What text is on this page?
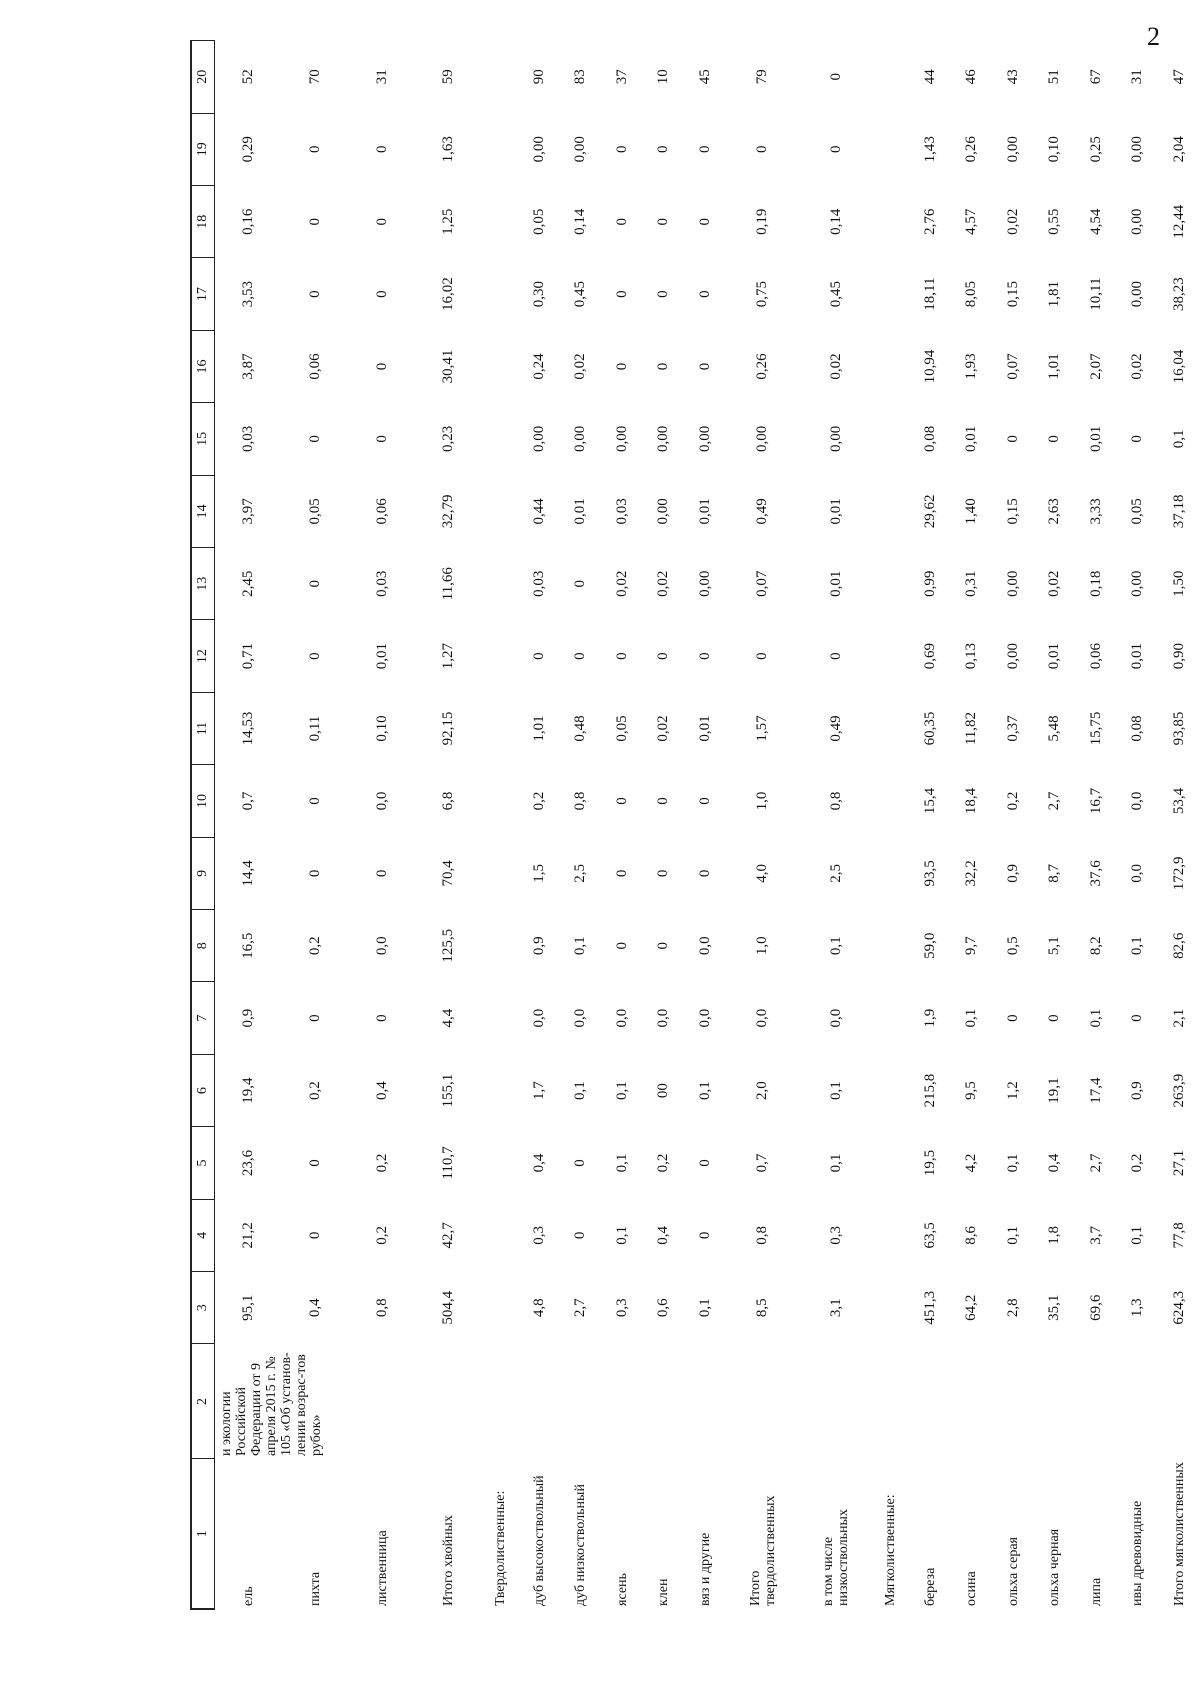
2
1	2	3	4	5	6	7	8	9	10	11	12	13	14	15	16	17	18	19	20
ель	и экологии Российской Федерации от 9 апреля 2015 г. № 105 «Об установ-лении возрас-тов рубок»	95,1	21,2	23,6	19,4	0,9	16,5	14,4	0,7	14,53	0,71	2,45	3,97	0,03	3,87	3,53	0,16	0,29	52
пихта		0,4	0	0	0,2	0	0,2	0	0	0,11	0	0	0,05	0	0,06	0	0	0	70
лиственница		0,8	0,2	0,2	0,4	0	0,0	0	0,0	0,10	0,01	0,03	0,06	0	0	0	0	0	31
Итого хвойных		504,4	42,7	110,7	155,1	4,4	125,5	70,4	6,8	92,15	1,27	11,66	32,79	0,23	30,41	16,02	1,25	1,63	59
Твердолиственные:																			
дуб высокоствольный		4,8	0,3	0,4	1,7	0,0	0,9	1,5	0,2	1,01	0	0,03	0,44	0,00	0,24	0,30	0,05	0,00	90
дуб низкоствольный		2,7	0	0	0,1	0,0	0,1	2,5	0,8	0,48	0	0	0,01	0,00	0,02	0,45	0,14	0,00	83
ясень		0,3	0,1	0,1	0,1	0,0	0	0	0	0,05	0	0,02	0,03	0,00	0	0	0	0	37
клен		0,6	0,4	0,2	00	0,0	0	0	0	0,02	0	0,02	0,00	0,00	0	0	0	0	10
вяз и другие		0,1	0	0	0,1	0,0	0,0	0	0	0,01	0	0,00	0,01	0,00	0	0	0	0	45
Итого твердолиственных		8,5	0,8	0,7	2,0	0,0	1,0	4,0	1,0	1,57	0	0,07	0,49	0,00	0,26	0,75	0,19	0	79
в том числе низкоствольных		3,1	0,3	0,1	0,1	0,0	0,1	2,5	0,8	0,49	0	0,01	0,01	0,00	0,02	0,45	0,14	0	0
Мягколиственные:																			
береза		451,3	63,5	19,5	215,8	1,9	59,0	93,5	15,4	60,35	0,69	0,99	29,62	0,08	10,94	18,11	2,76	1,43	44
осина		64,2	8,6	4,2	9,5	0,1	9,7	32,2	18,4	11,82	0,13	0,31	1,40	0,01	1,93	8,05	4,57	0,26	46
ольха серая		2,8	0,1	0,1	1,2	0	0,5	0,9	0,2	0,37	0,00	0,00	0,15	0	0,07	0,15	0,02	0,00	43
ольха черная		35,1	1,8	0,4	19,1	0	5,1	8,7	2,7	5,48	0,01	0,02	2,63	0	1,01	1,81	0,55	0,10	51
липа		69,6	3,7	2,7	17,4	0,1	8,2	37,6	16,7	15,75	0,06	0,18	3,33	0,01	2,07	10,11	4,54	0,25	67
ивы древовидные		1,3	0,1	0,2	0,9	0	0,1	0,0	0,0	0,08	0,01	0,00	0,05	0	0,02	0,00	0,00	0,00	31
Итого мягколиственных		624,3	77,8	27,1	263,9	2,1	82,6	172,9	53,4	93,85	0,90	1,50	37,18	0,1	16,04	38,23	12,44	2,04	47
